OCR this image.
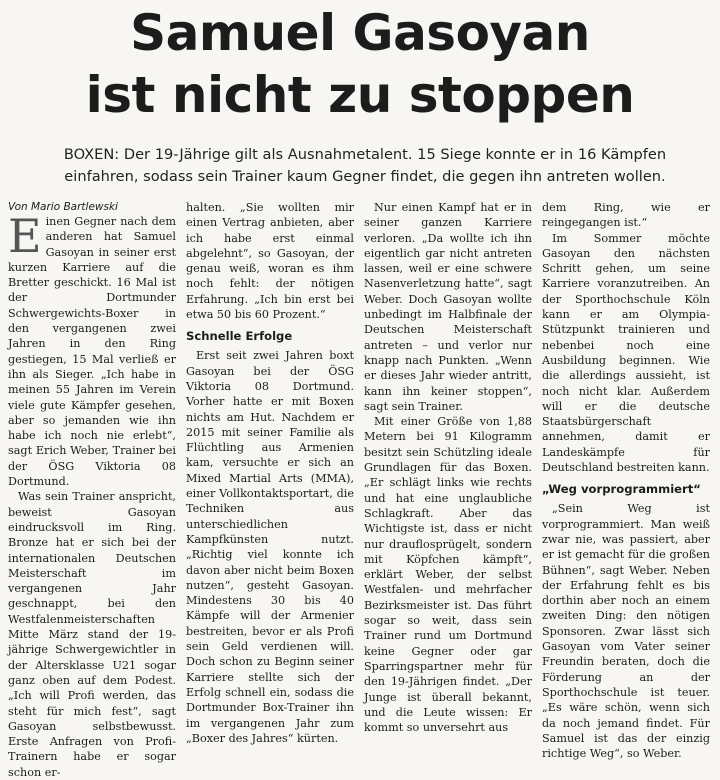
Samuel Gasoyan
ist nicht zu stoppen
BOXEN: Der 19-Jährige gilt als Ausnahmetalent. 15 Siege konnte er in 16 Kämpfen einfahren, sodass sein Trainer kaum Gegner findet, die gegen ihn antreten wollen.

Von Mario Bartlewski

Einen Gegner nach dem anderen hat Samuel Gasoyan in seiner erst kurzen Karriere auf die Bretter geschickt. 16 Mal ist der Dortmunder Schwergewichts-Boxer in den vergangenen zwei Jahren in den Ring gestiegen, 15 Mal verließ er ihn als Sieger. „Ich habe in meinen 55 Jahren im Verein viele gute Kämpfer gesehen, aber so jemanden wie ihn habe ich noch nie erlebt“, sagt Erich Weber, Trainer bei der ÖSG Viktoria 08 Dortmund.

Was sein Trainer anspricht, beweist Gasoyan eindrucksvoll im Ring. Bronze hat er sich bei der internationalen Deutschen Meisterschaft im vergangenen Jahr geschnappt, bei den Westfalenmeisterschaften Mitte März stand der 19-jährige Schwergewichtler in der Altersklasse U21 sogar ganz oben auf dem Podest. „Ich will Profi werden, das steht für mich fest“, sagt Gasoyan selbstbewusst. Erste Anfragen von Profi-Trainern habe er sogar schon er-

halten. „Sie wollten mir einen Vertrag anbieten, aber ich habe erst einmal abgelehnt“, so Gasoyan, der genau weiß, woran es ihm noch fehlt: der nötigen Erfahrung. „Ich bin erst bei etwa 50 bis 60 Prozent.“

Schnelle Erfolge

Erst seit zwei Jahren boxt Gasoyan bei der ÖSG Viktoria 08 Dortmund. Vorher hatte er mit Boxen nichts am Hut. Nachdem er 2015 mit seiner Familie als Flüchtling aus Armenien kam, versuchte er sich an Mixed Martial Arts (MMA), einer Vollkontaktsportart, die Techniken aus unterschiedlichen Kampfkünsten nutzt. „Richtig viel konnte ich davon aber nicht beim Boxen nutzen“, gesteht Gasoyan. Mindestens 30 bis 40 Kämpfe will der Armenier bestreiten, bevor er als Profi sein Geld verdienen will. Doch schon zu Beginn seiner Karriere stellte sich der Erfolg schnell ein, sodass die Dortmunder Box-Trainer ihn im vergangenen Jahr zum „Boxer des Jahres“ kürten.

Nur einen Kampf hat er in seiner ganzen Karriere verloren. „Da wollte ich ihn eigentlich gar nicht antreten lassen, weil er eine schwere Nasenverletzung hatte“, sagt Weber. Doch Gasoyan wollte unbedingt im Halbfinale der Deutschen Meisterschaft antreten – und verlor nur knapp nach Punkten. „Wenn er dieses Jahr wieder antritt, kann ihn keiner stoppen“, sagt sein Trainer.

Mit einer Größe von 1,88 Metern bei 91 Kilogramm besitzt sein Schützling ideale Grundlagen für das Boxen. „Er schlägt links wie rechts und hat eine unglaubliche Schlagkraft. Aber das Wichtigste ist, dass er nicht nur drauflosprügelt, sondern mit Köpfchen kämpft“, erklärt Weber, der selbst Westfalen- und mehrfacher Bezirksmeister ist. Das führt sogar so weit, dass sein Trainer rund um Dortmund keine Gegner oder gar Sparringspartner mehr für den 19-Jährigen findet. „Der Junge ist überall bekannt, und die Leute wissen: Er kommt so unversehrt aus

dem Ring, wie er reingegangen ist.“

Im Sommer möchte Gasoyan den nächsten Schritt gehen, um seine Karriere voranzutreiben. An der Sporthochschule Köln kann er am Olympia-Stützpunkt trainieren und nebenbei noch eine Ausbildung beginnen. Wie die allerdings aussieht, ist noch nicht klar. Außerdem will er die deutsche Staatsbürgerschaft annehmen, damit er Landeskämpfe für Deutschland bestreiten kann.

„Weg vorprogrammiert“

„Sein Weg ist vorprogrammiert. Man weiß zwar nie, was passiert, aber er ist gemacht für die großen Bühnen“, sagt Weber. Neben der Erfahrung fehlt es bis dorthin aber noch an einem zweiten Ding: den nötigen Sponsoren. Zwar lässt sich Gasoyan vom Vater seiner Freundin beraten, doch die Förderung an der Sporthochschule ist teuer. „Es wäre schön, wenn sich da noch jemand findet. Für Samuel ist das der einzig richtige Weg“, so Weber.
